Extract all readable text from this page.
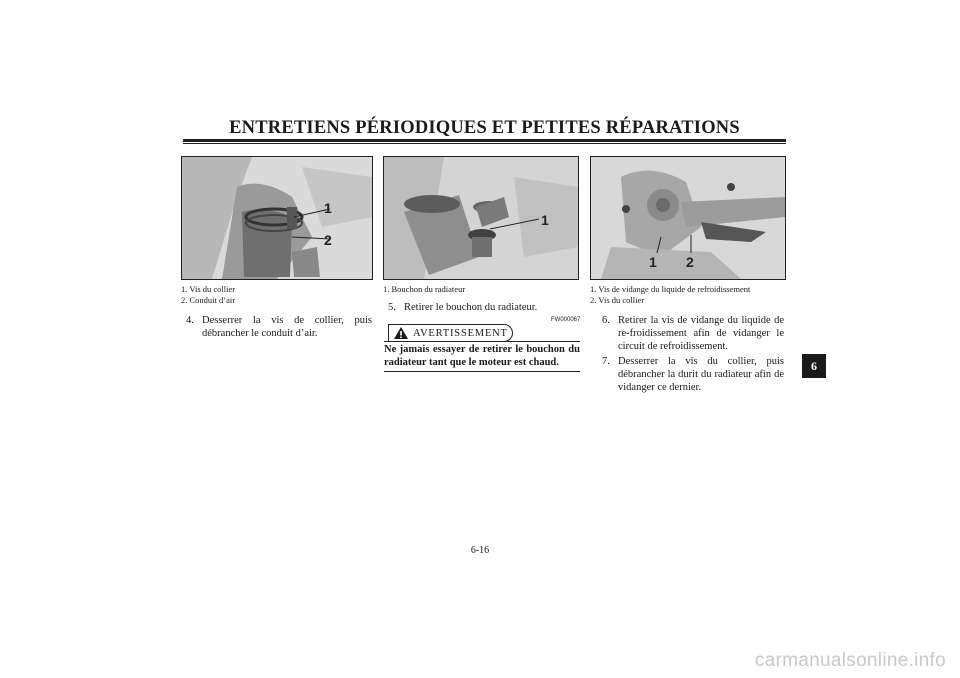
ENTRETIENS PÉRIODIQUES ET PETITES RÉPARATIONS
1
2
1
1 2
1. Vis du collier
2. Conduit d’air
1. Bouchon du radiateur	1. Vis de vidange du liquide de refroidissement
2. Vis du collier
4. Desserrer la vis de collier, puis débrancher le conduit d’air.
5. Retirer le bouchon du radiateur.
FW000067
AVERTISSEMENT
Ne jamais essayer de retirer le bouchon du radiateur tant que le moteur est chaud.
6. Retirer la vis de vidange du liquide de re-froidissement afin de vidanger le circuit de refroidissement.
7. Desserrer la vis du collier, puis débrancher la durit du radiateur afin de vidanger ce dernier.
6
6-16
carmanualsonline.info
